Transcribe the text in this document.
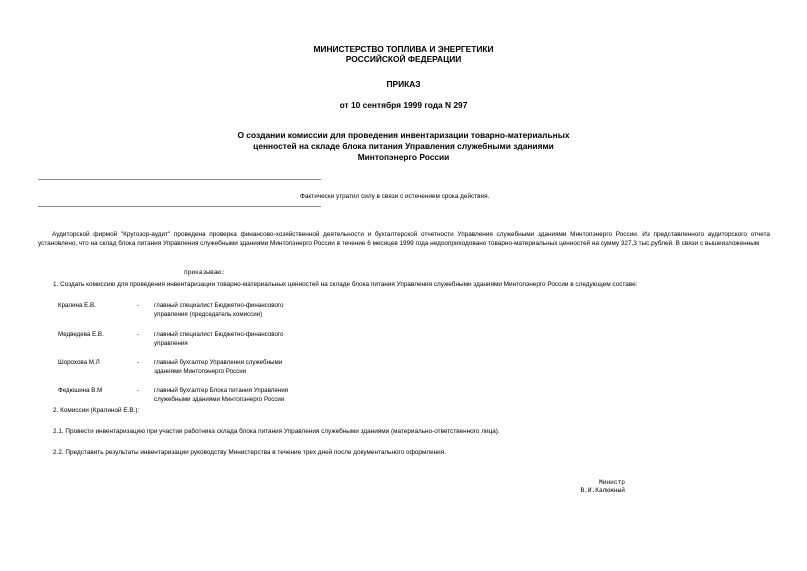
МИНИСТЕРСТВО ТОПЛИВА И ЭНЕРГЕТИКИ
РОССИЙСКОЙ ФЕДЕРАЦИИ
ПРИКАЗ
от 10 сентября 1999 года N 297
О создании комиссии для проведения инвентаризации товарно-материальных
ценностей на складе блока питания Управления служебными зданиями
Минтопэнерго России
Фактически утратил силу в связи с истечением срока действия.
Аудиторской фирмой "Кругозор-аудит" проведена проверка финансово-хозяйственной деятельности и бухгалтерской отчетности Управления служебными зданиями Минтопэнерго России. Из представленного аудиторского отчета установлено, что на склад блока питания Управления служебными зданиями Минтопэнерго России в течение 6 месяцев 1999 года недооприходовано товарно-материальных ценностей на сумму 327,3 тыс.рублей. В связи с вышеизложенным
приказываю:
1. Создать комиссию для проведения инвентаризации товарно-материальных ценностей на складе блока питания Управления служебными зданиями Минтопэнерго России в следующем составе:
Кралина Е.В.	-	главный специалист Бюджетно-финансового
управления (председатель комиссии)
Медведева Е.В.	-	главный специалист Бюджетно-финансового
управления
Шорохова М.Л	-	главный бухгалтер Управления служебными
зданиями Минтопэнерго России
Федюшина В.М	-	главный бухгалтер Блока питания Управления
служебными зданиями Минтопэнерго России
2. Комиссии (Кралиной Е.В.):
2.1. Провести инвентаризацию при участии работника склада блока питания Управления служебными зданиями (материально-ответственного лица).
2.2. Представить результаты инвентаризации руководству Министерства в течение трех дней после документального оформления.
Министр
В.И.Калюжный
